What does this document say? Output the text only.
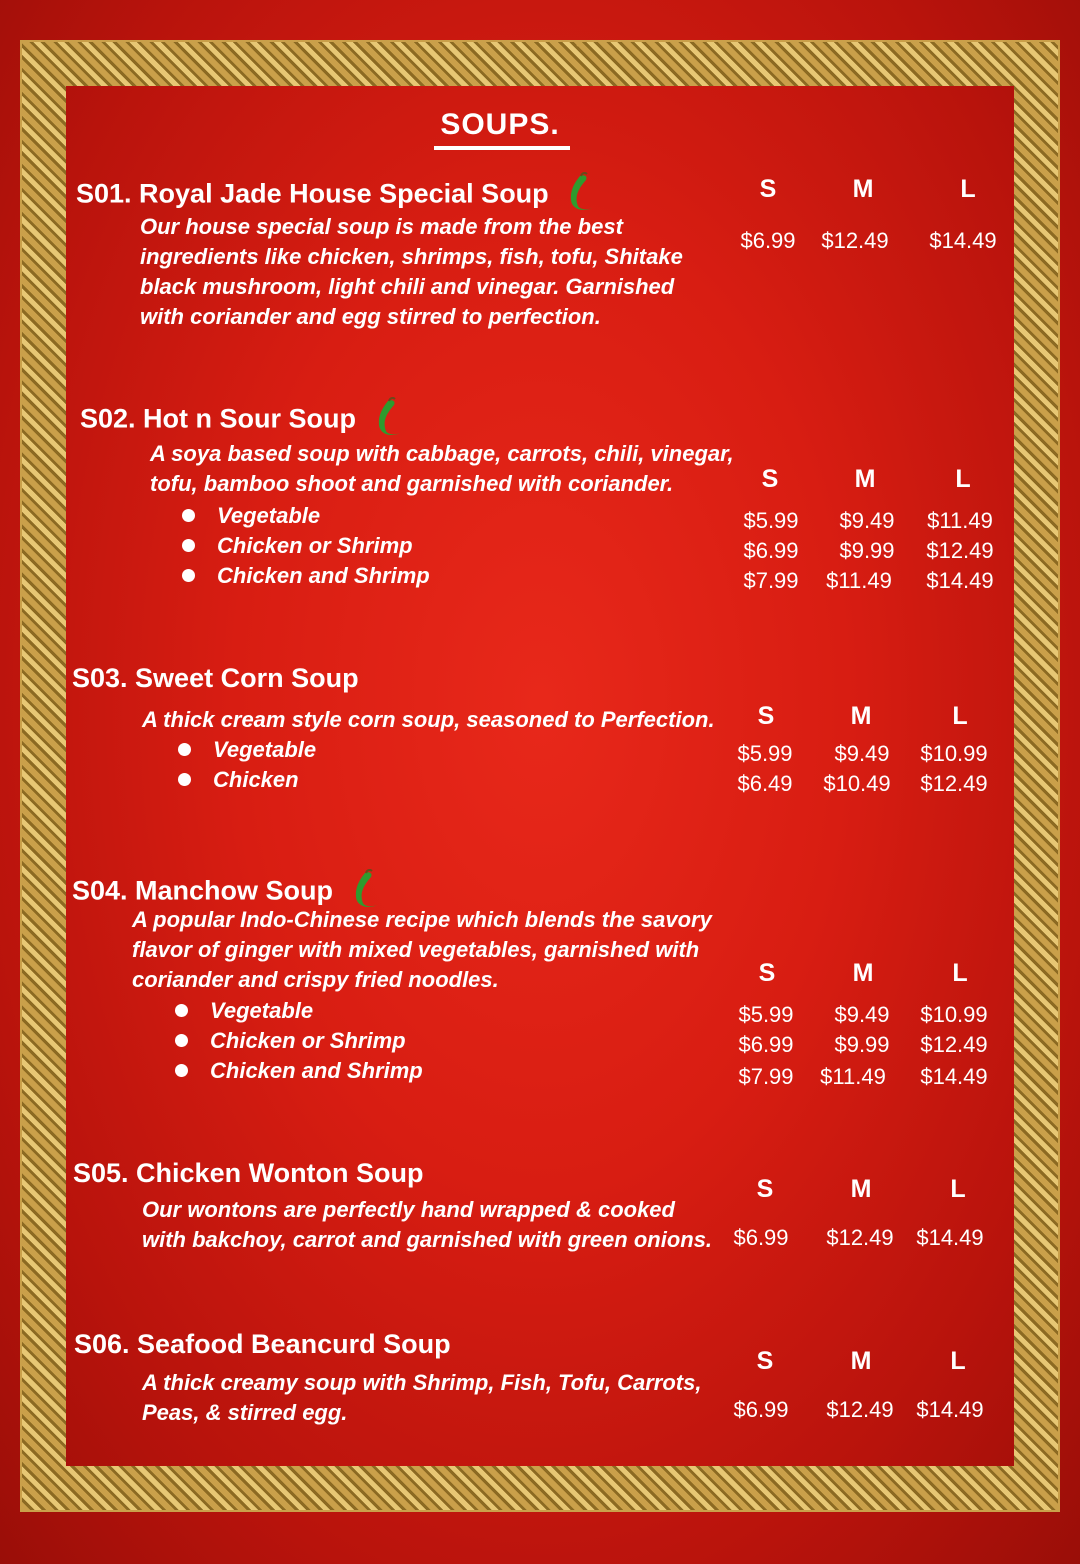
SOUPS.
S01. Royal Jade House Special Soup
Our house special soup is made from the best
ingredients like chicken, shrimps, fish, tofu, Shitake
black mushroom, light chili and vinegar. Garnished
with coriander and egg stirred to perfection.
S	M	L
$6.99	$12.49	$14.49
S02. Hot n Sour Soup
A soya based soup with cabbage, carrots, chili, vinegar,
tofu, bamboo shoot and garnished with coriander.
Vegetable
Chicken or Shrimp
Chicken and Shrimp
S	M	L
$5.99	$9.49	$11.49
$6.99	$9.99	$12.49
$7.99	$11.49	$14.49
S03. Sweet Corn Soup
A thick cream style corn soup, seasoned to Perfection.
Vegetable
Chicken
S	M	L
$5.99	$9.49	$10.99
$6.49	$10.49	$12.49
S04. Manchow Soup
A popular Indo-Chinese recipe which blends the savory
flavor of ginger with mixed vegetables, garnished with
coriander and crispy fried noodles.
Vegetable
Chicken or Shrimp
Chicken and Shrimp
S	M	L
$5.99	$9.49	$10.99
$6.99	$9.99	$12.49
$7.99	$11.49	$14.49
S05. Chicken Wonton Soup
Our wontons are perfectly hand wrapped & cooked
with bakchoy, carrot and garnished with green onions.
S	M	L
$6.99	$12.49	$14.49
S06. Seafood Beancurd Soup
A thick creamy soup with Shrimp, Fish, Tofu, Carrots,
Peas, & stirred egg.
S	M	L
$6.99	$12.49	$14.49
